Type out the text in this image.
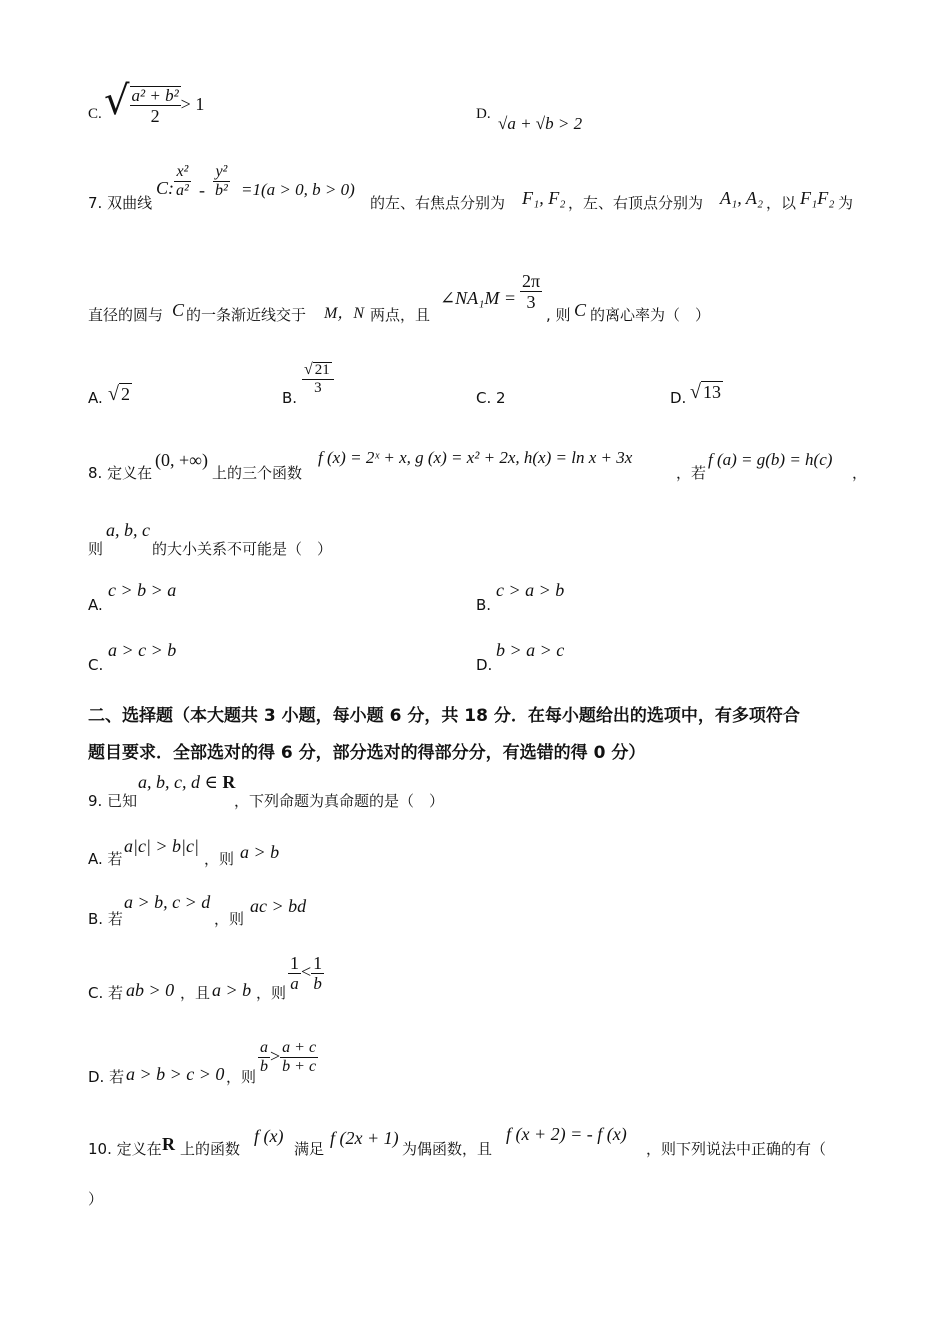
C. √ $\frac{\text{a² + b²}}{2} > 1$	D. √a + √b > 2
7. 双曲线
C: $\frac{\text{x²}}{\text{a²}} - \frac{\text{y²}}{\text{b²}} =1(a > 0$, b > 0)
的左、右焦点分别为 F₁, F₂ ，左、右顶点分别为 A₁, A₂ ，以 F₁F₂ 为
直径的圆与 C 的一条渐近线交于 M，N 两点，且
∠NA₁M = $\frac{2\pi}{3}$
, 则 C 的离心率为（　）
A. √ 2	B.
$\frac{√ 21}{3}$
C. 2	D. √ 13
8. 定义在
(0, +∞)
上的三个函数
f (x) = 2ˣ + x, g (x) = x² + 2x, h(x) = ln x + 3x
，若
f (a) = g(b) = h(c)
，
则
a, b, c
的大小关系不可能是（　）
A.
c > b > a
B.
c > a > b
C.
a > c > b
D.
b > a > c
二、选择题（本大题共 3 小题，每小题 6 分，共 18 分．在每小题给出的选项中，有多项符合
题目要求．全部选对的得 6 分，部分选对的得部分分，有选错的得 0 分）
9. 已知
a, b, c, d ∈ R
，下列命题为真命题的是（　）
A. 若
a|c| > b|c|
，则 a > b
B. 若
a > b, c > d
，则
ac > bd
C. 若 ab > 0 ，且 a > b ，则 $\frac{1}{a} < \frac{1}{b}$
D. 若 a > b > c > 0 ，则
$\frac{a}{b} > \frac{a + c}{b + c}$
10. 定义在 R 上的函数
f (x)
满足
f (2x + 1)
为偶函数，且
f (x + 2) = - f (x)
，则下列说法中正确的有（
）
